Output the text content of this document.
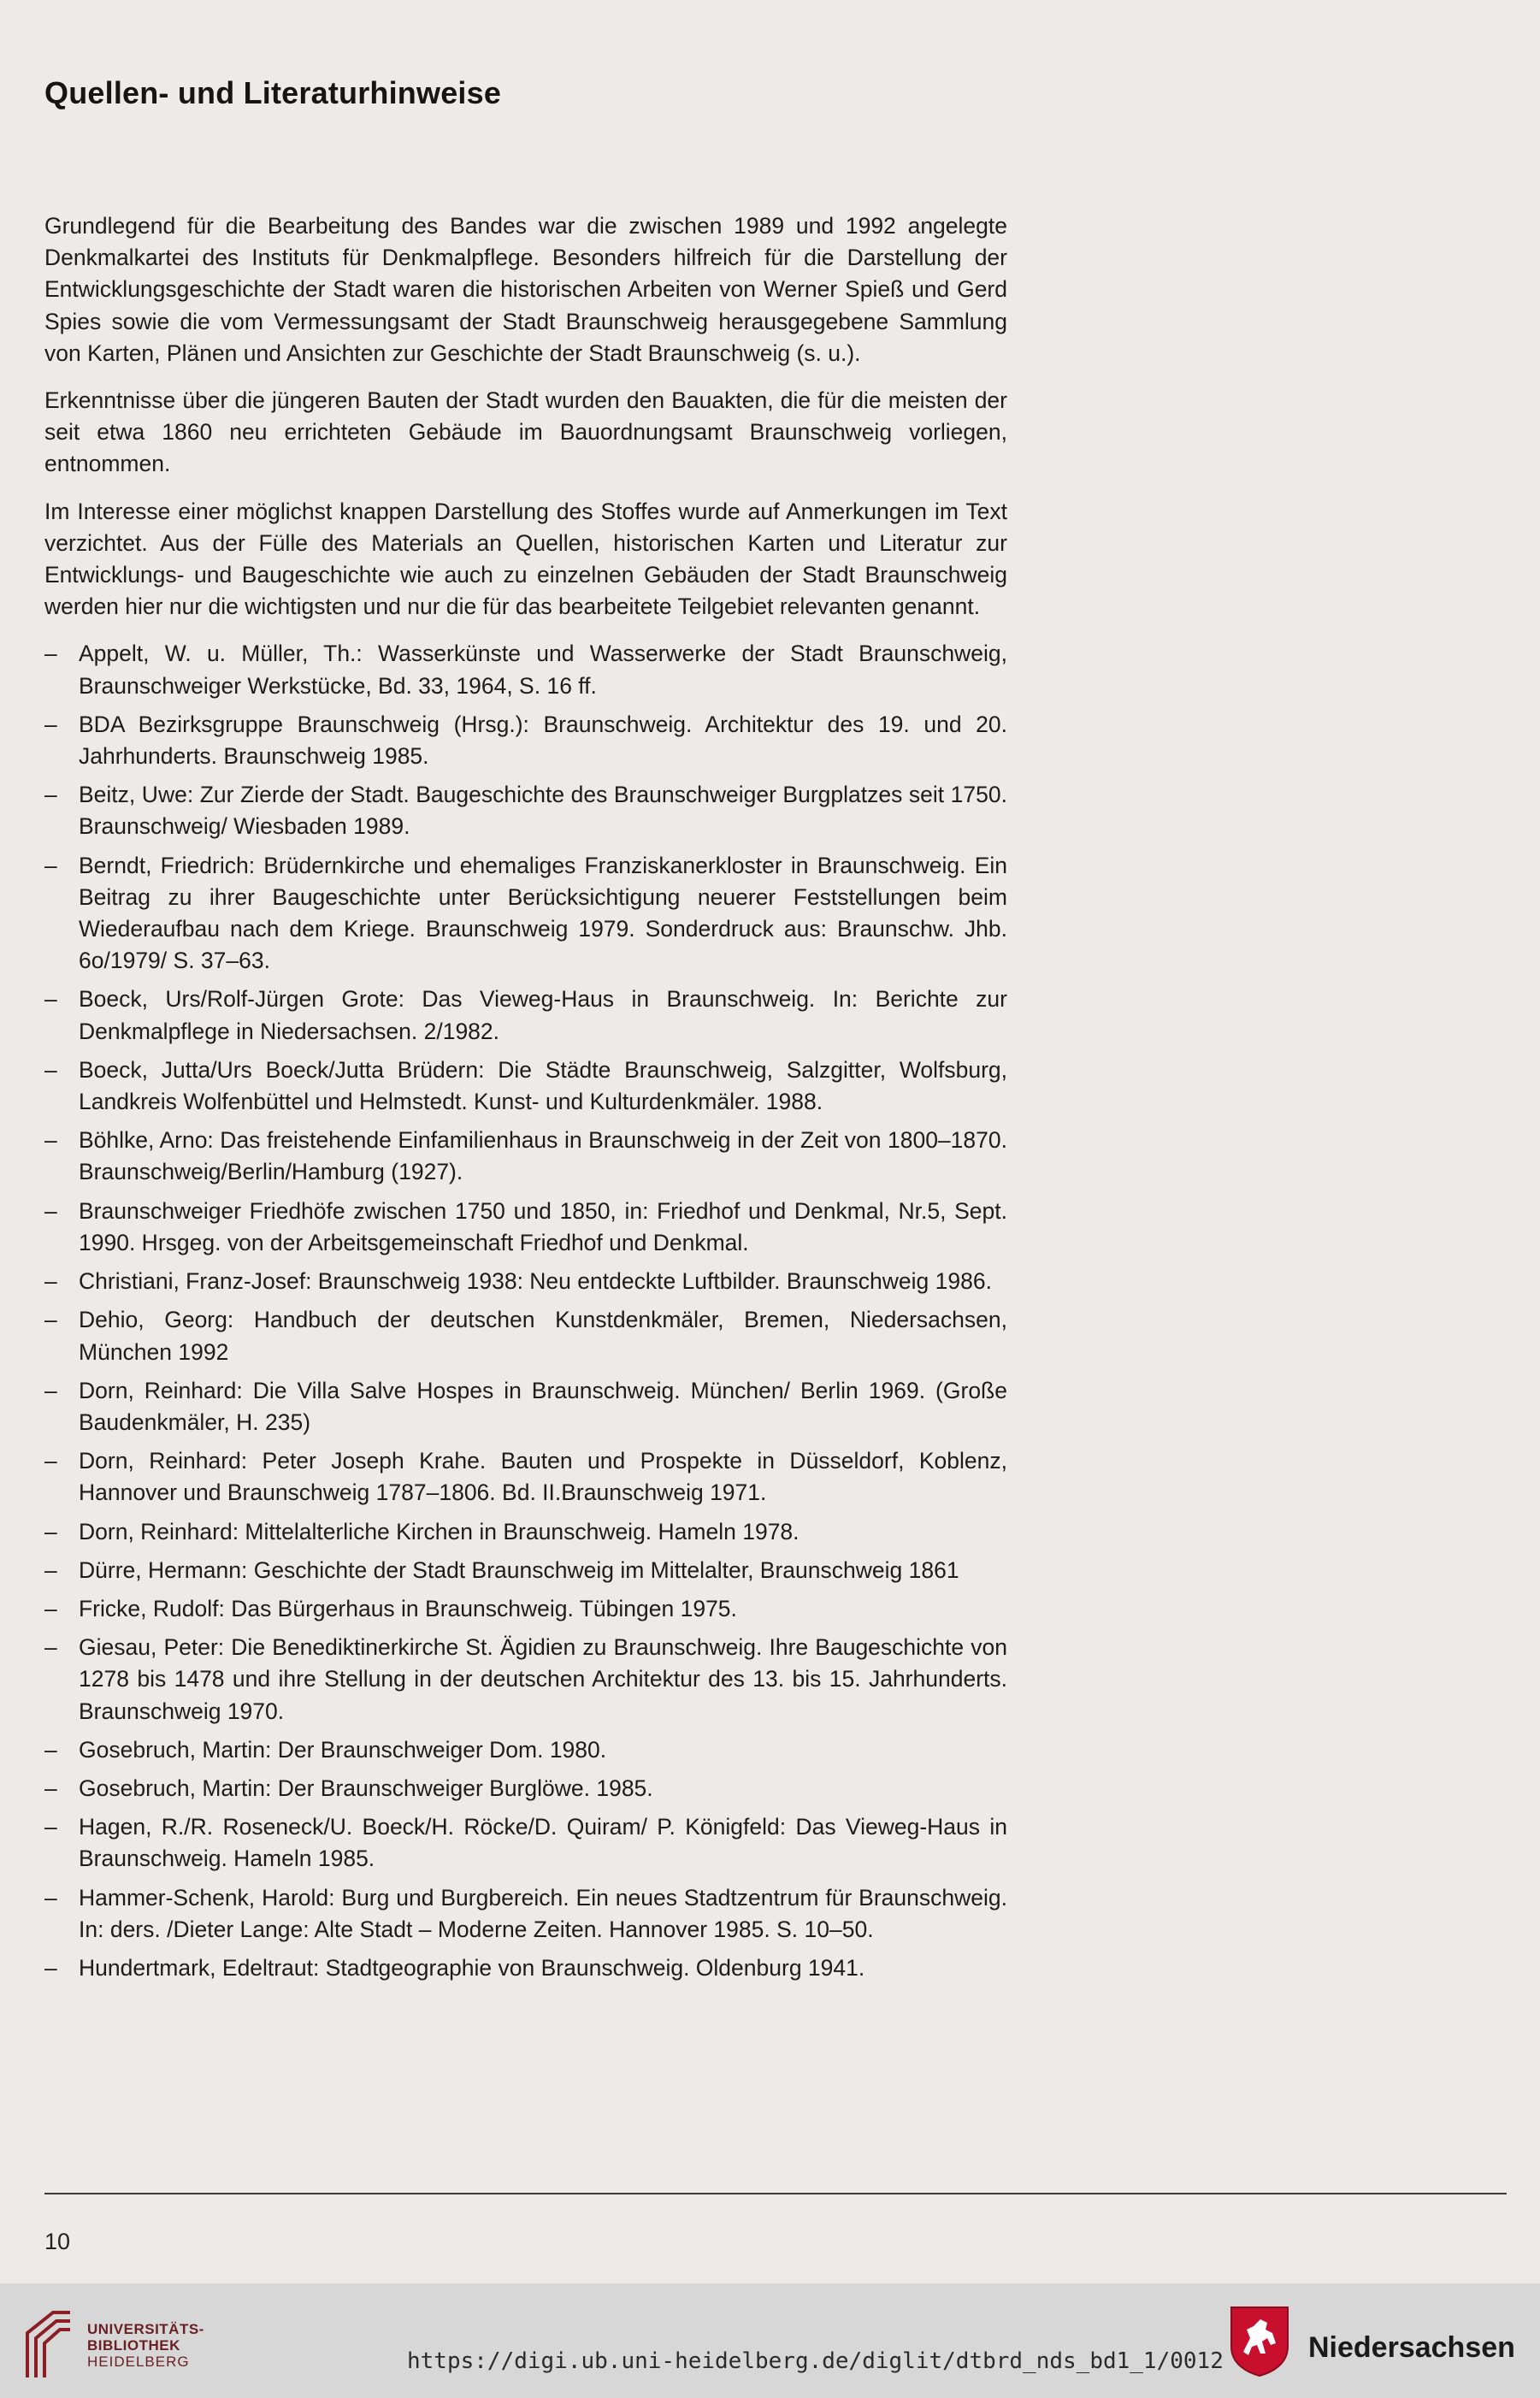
Quellen- und Literaturhinweise

Grundlegend für die Bearbeitung des Bandes war die zwischen 1989 und 1992 angelegte Denkmalkartei des Instituts für Denkmalpflege. Besonders hilfreich für die Darstellung der Entwicklungsgeschichte der Stadt waren die historischen Arbeiten von Werner Spieß und Gerd Spies sowie die vom Vermessungsamt der Stadt Braunschweig herausgegebene Sammlung von Karten, Plänen und Ansichten zur Geschichte der Stadt Braunschweig (s. u.).

Erkenntnisse über die jüngeren Bauten der Stadt wurden den Bauakten, die für die meisten der seit etwa 1860 neu errichteten Gebäude im Bauordnungsamt Braunschweig vorliegen, entnommen.

Im Interesse einer möglichst knappen Darstellung des Stoffes wurde auf Anmerkungen im Text verzichtet. Aus der Fülle des Materials an Quellen, historischen Karten und Literatur zur Entwicklungs- und Baugeschichte wie auch zu einzelnen Gebäuden der Stadt Braunschweig werden hier nur die wichtigsten und nur die für das bearbeitete Teilgebiet relevanten genannt.

– Appelt, W. u. Müller, Th.: Wasserkünste und Wasserwerke der Stadt Braunschweig, Braunschweiger Werkstücke, Bd. 33, 1964, S. 16 ff.
– BDA Bezirksgruppe Braunschweig (Hrsg.): Braunschweig. Architektur des 19. und 20. Jahrhunderts. Braunschweig 1985.
– Beitz, Uwe: Zur Zierde der Stadt. Baugeschichte des Braunschweiger Burgplatzes seit 1750. Braunschweig/ Wiesbaden 1989.
– Berndt, Friedrich: Brüdernkirche und ehemaliges Franziskanerkloster in Braunschweig. Ein Beitrag zu ihrer Baugeschichte unter Berücksichtigung neuerer Feststellungen beim Wiederaufbau nach dem Kriege. Braunschweig 1979. Sonderdruck aus: Braunschw. Jhb. 6o/1979/ S. 37–63.
– Boeck, Urs/Rolf-Jürgen Grote: Das Vieweg-Haus in Braunschweig. In: Berichte zur Denkmalpflege in Niedersachsen. 2/1982.
– Boeck, Jutta/Urs Boeck/Jutta Brüdern: Die Städte Braunschweig, Salzgitter, Wolfsburg, Landkreis Wolfenbüttel und Helmstedt. Kunst- und Kulturdenkmäler. 1988.
– Böhlke, Arno: Das freistehende Einfamilienhaus in Braunschweig in der Zeit von 1800–1870. Braunschweig/Berlin/Hamburg (1927).
– Braunschweiger Friedhöfe zwischen 1750 und 1850, in: Friedhof und Denkmal, Nr.5, Sept. 1990. Hrsgeg. von der Arbeitsgemeinschaft Friedhof und Denkmal.
– Christiani, Franz-Josef: Braunschweig 1938: Neu entdeckte Luftbilder. Braunschweig 1986.
– Dehio, Georg: Handbuch der deutschen Kunstdenkmäler, Bremen, Niedersachsen, München 1992
– Dorn, Reinhard: Die Villa Salve Hospes in Braunschweig. München/ Berlin 1969. (Große Baudenkmäler, H. 235)
– Dorn, Reinhard: Peter Joseph Krahe. Bauten und Prospekte in Düsseldorf, Koblenz, Hannover und Braunschweig 1787–1806. Bd. II.Braunschweig 1971.
– Dorn, Reinhard: Mittelalterliche Kirchen in Braunschweig. Hameln 1978.
– Dürre, Hermann: Geschichte der Stadt Braunschweig im Mittelalter, Braunschweig 1861
– Fricke, Rudolf: Das Bürgerhaus in Braunschweig. Tübingen 1975.
– Giesau, Peter: Die Benediktinerkirche St. Ägidien zu Braunschweig. Ihre Baugeschichte von 1278 bis 1478 und ihre Stellung in der deutschen Architektur des 13. bis 15. Jahrhunderts. Braunschweig 1970.
– Gosebruch, Martin: Der Braunschweiger Dom. 1980.
– Gosebruch, Martin: Der Braunschweiger Burglöwe. 1985.
– Hagen, R./R. Roseneck/U. Boeck/H. Röcke/D. Quiram/ P. Königfeld: Das Vieweg-Haus in Braunschweig. Hameln 1985.
– Hammer-Schenk, Harold: Burg und Burgbereich. Ein neues Stadtzentrum für Braunschweig. In: ders. /Dieter Lange: Alte Stadt – Moderne Zeiten. Hannover 1985. S. 10–50.
– Hundertmark, Edeltraut: Stadtgeographie von Braunschweig. Oldenburg 1941.
10
UNIVERSITÄTS-
BIBLIOTHEK
HEIDELBERG	https://digi.ub.uni-heidelberg.de/diglit/dtbrd_nds_bd1_1/0012	Niedersachsen
